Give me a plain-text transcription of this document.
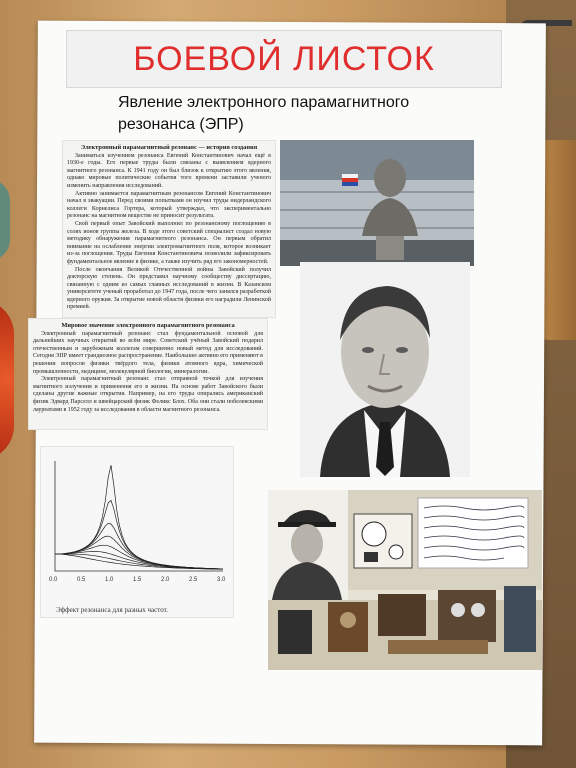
БОЕВОЙ ЛИСТОК
Явление электронного парамагнитного резонанса (ЭПР)
Электронный парамагнитный резонанс — история создания

Заниматься изучением резонанса Евгений Константинович начал ещё в 1930-е годы. Его первые труды были связаны с выявлением ядерного магнитного резонанса. К 1941 году он был близок к открытию этого явления, однако мировые политические события того времени заставили ученого изменить направления исследований.

Активно занимается парамагнитным резонансом Евгений Константинович начал в эвакуации. Перед своими попытками он изучил труды нидерландского коллеги Корнелиса Гортера, который утверждал, что экспериментально резонанс на магнитном веществе не приносит результата.

Свой первый опыт Завойский выполнил по резонансному поглощению в солях ионов группы железа. В ходе этого советский специалист создал новую методику обнаружения парамагнитного резонанса. Он первым обратил внимание на ослабление энергии электромагнитного поля, которое возникает из-за поглощения. Труды Евгения Константиновича позволили зафиксировать фундаментальное явление в физике, а также изучить ряд его закономерностей.

После окончания Великой Отечественной войны Завойский получил докторскую степень. Он представил научному сообществу диссертацию, связанную с одним из самых главных исследований в жизни. В Казанском университете ученый проработал до 1947 года, после чего занялся разработкой ядерного оружия. За открытие новой области физики его наградили Ленинской премией.

Мировое значение электронного парамагнитного резонанса

Электронный парамагнитный резонанс стал фундаментальной основой для дальнейших научных открытий во всём мире. Советский учёный Завойский подарил отечественным и зарубежным коллегам совершенно новый метод для исследований. Сегодня ЭПР имеет грандиозное распространение. Наибольшее активно его применяют в решении вопросов физики твёрдого тела, физики атомного ядра, химической промышленности, медицине, молекулярной биологии, минералогии.

Электронный парамагнитный резонанс стал отправной точкой для изучения магнитного излучения и применения его в жизни. На основе работ Завойского были сделаны другие важные открытия. Например, на его труды опирались американский физик Эдвард Парселл и швейцарский физик Феликс Блох. Оба они стали нобелевскими лауреатами в 1952 году за исследования в области магнитного резонанса.

0.0	0.5	1.0	1.5	2.0	2.5	3.0
Эффект резонанса для разных частот.
